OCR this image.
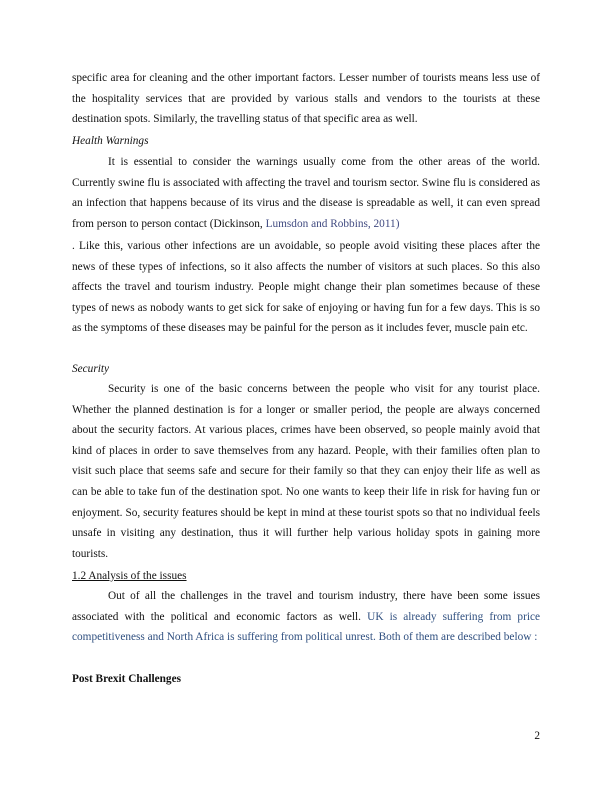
specific area for cleaning and the other important factors. Lesser number of tourists means less use of the hospitality services that are provided by various stalls and vendors to the tourists at these destination spots. Similarly, the travelling status of that specific area as well.

Health Warnings

It is essential to consider the warnings usually come from the other areas of the world. Currently swine flu is associated with affecting the travel and tourism sector. Swine flu is considered as an infection that happens because of its virus and the disease is spreadable as well, it can even spread from person to person contact (Dickinson, Lumsdon and Robbins, 2011)

. Like this, various other infections are un avoidable, so people avoid visiting these places after the news of these types of infections, so it also affects the number of visitors at such places. So this also affects the travel and tourism industry. People might change their plan sometimes because of these types of news as nobody wants to get sick for sake of enjoying or having fun for a few days. This is so as the symptoms of these diseases may be painful for the person as it includes fever, muscle pain etc.

Security

Security is one of the basic concerns between the people who visit for any tourist place. Whether the planned destination is for a longer or smaller period, the people are always concerned about the security factors. At various places, crimes have been observed, so people mainly avoid that kind of places in order to save themselves from any hazard. People, with their families often plan to visit such place that seems safe and secure for their family so that they can enjoy their life as well as can be able to take fun of the destination spot. No one wants to keep their life in risk for having fun or enjoyment. So, security features should be kept in mind at these tourist spots so that no individual feels unsafe in visiting any destination, thus it will further help various holiday spots in gaining more tourists.

1.2 Analysis of the issues

Out of all the challenges in the travel and tourism industry, there have been some issues associated with the political and economic factors as well. UK is already suffering from price competitiveness and North Africa is suffering from political unrest. Both of them are described below :

Post Brexit Challenges

2
